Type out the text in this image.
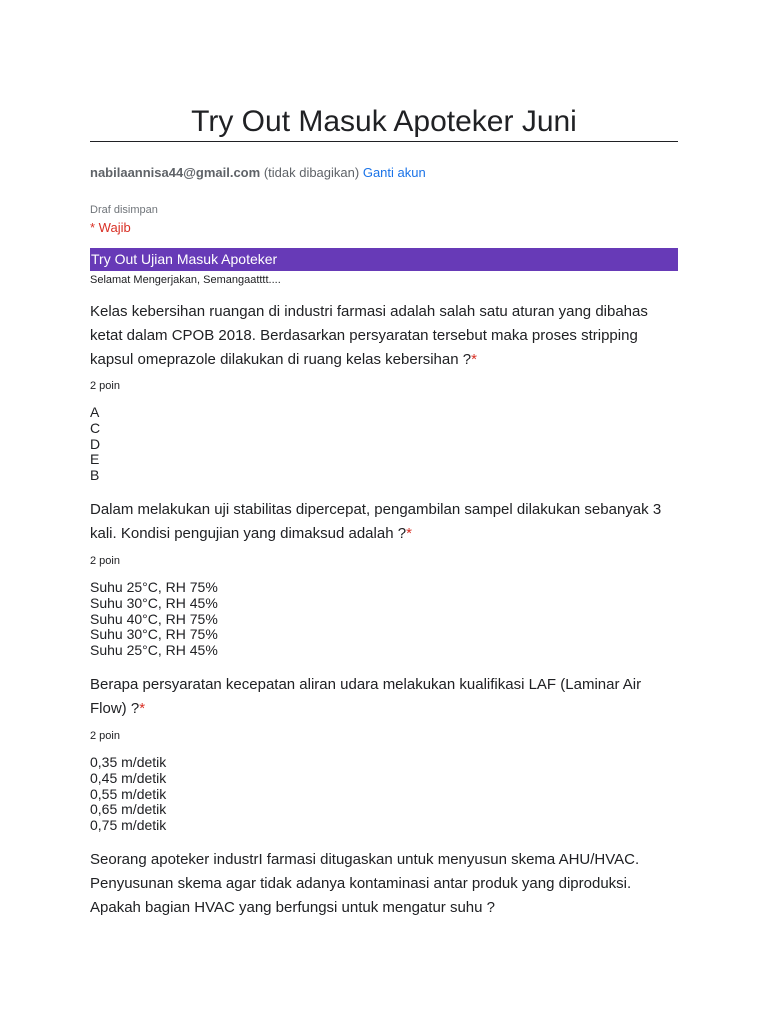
Try Out Masuk Apoteker Juni
nabilaannisa44@gmail.com (tidak dibagikan) Ganti akun
Draf disimpan
* Wajib
Try Out Ujian Masuk Apoteker
Selamat Mengerjakan, Semangaatttt....
Kelas kebersihan ruangan di industri farmasi adalah salah satu aturan yang dibahas ketat dalam CPOB 2018. Berdasarkan persyaratan tersebut maka proses stripping kapsul omeprazole dilakukan di ruang kelas kebersihan ?*
2 poin
A
C
D
E
B
Dalam melakukan uji stabilitas dipercepat, pengambilan sampel dilakukan sebanyak 3 kali. Kondisi pengujian yang dimaksud adalah ?*
2 poin
Suhu 25°C, RH 75%
Suhu 30°C, RH 45%
Suhu 40°C, RH 75%
Suhu 30°C, RH 75%
Suhu 25°C, RH 45%
Berapa persyaratan kecepatan aliran udara melakukan kualifikasi LAF (Laminar Air Flow) ?*
2 poin
0,35 m/detik
0,45 m/detik
0,55 m/detik
0,65 m/detik
0,75 m/detik
Seorang apoteker industrI farmasi ditugaskan untuk menyusun skema AHU/HVAC. Penyusunan skema agar tidak adanya kontaminasi antar produk yang diproduksi. Apakah bagian HVAC yang berfungsi untuk mengatur suhu ?
